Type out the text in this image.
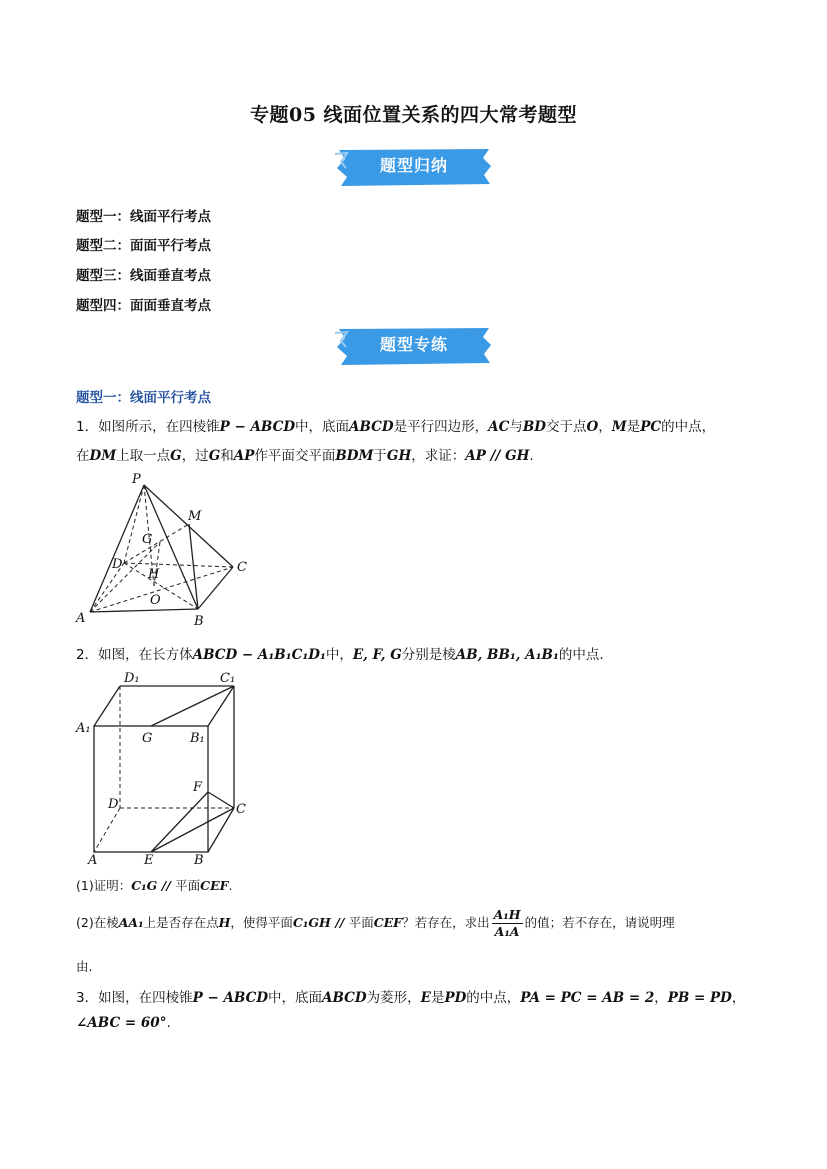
专题05 线面位置关系的四大常考题型
题型归纳
题型一：线面平行考点
题型二：面面平行考点
题型三：线面垂直考点
题型四：面面垂直考点
题型专练
题型一：线面平行考点
1．如图所示，在四棱锥P − ABCD中，底面ABCD是平行四边形，AC与BD交于点O，M是PC的中点，
在DM上取一点G，过G和AP作平面交平面BDM于GH，求证：AP // GH.
P
M
G
D
H	C
O
A	B
2．如图，在长方体ABCD − A₁B₁C₁D₁中，E, F, G分别是棱AB, BB₁, A₁B₁的中点.
D₁	C₁
A₁
G	B₁
F
D	C
A	E	B
(1)证明：C₁G // 平面CEF.
(2)在棱AA₁上是否存在点H，使得平面C₁GH // 平面CEF？若存在，求出 $\frac{\text{A₁H}}{\text{A₁A}}$ 的值；若不存在，请说明理
由.
3．如图，在四棱锥P − ABCD中，底面ABCD为菱形，E是PD的中点，PA = PC = AB = 2，PB = PD，
∠ABC = 60°.
